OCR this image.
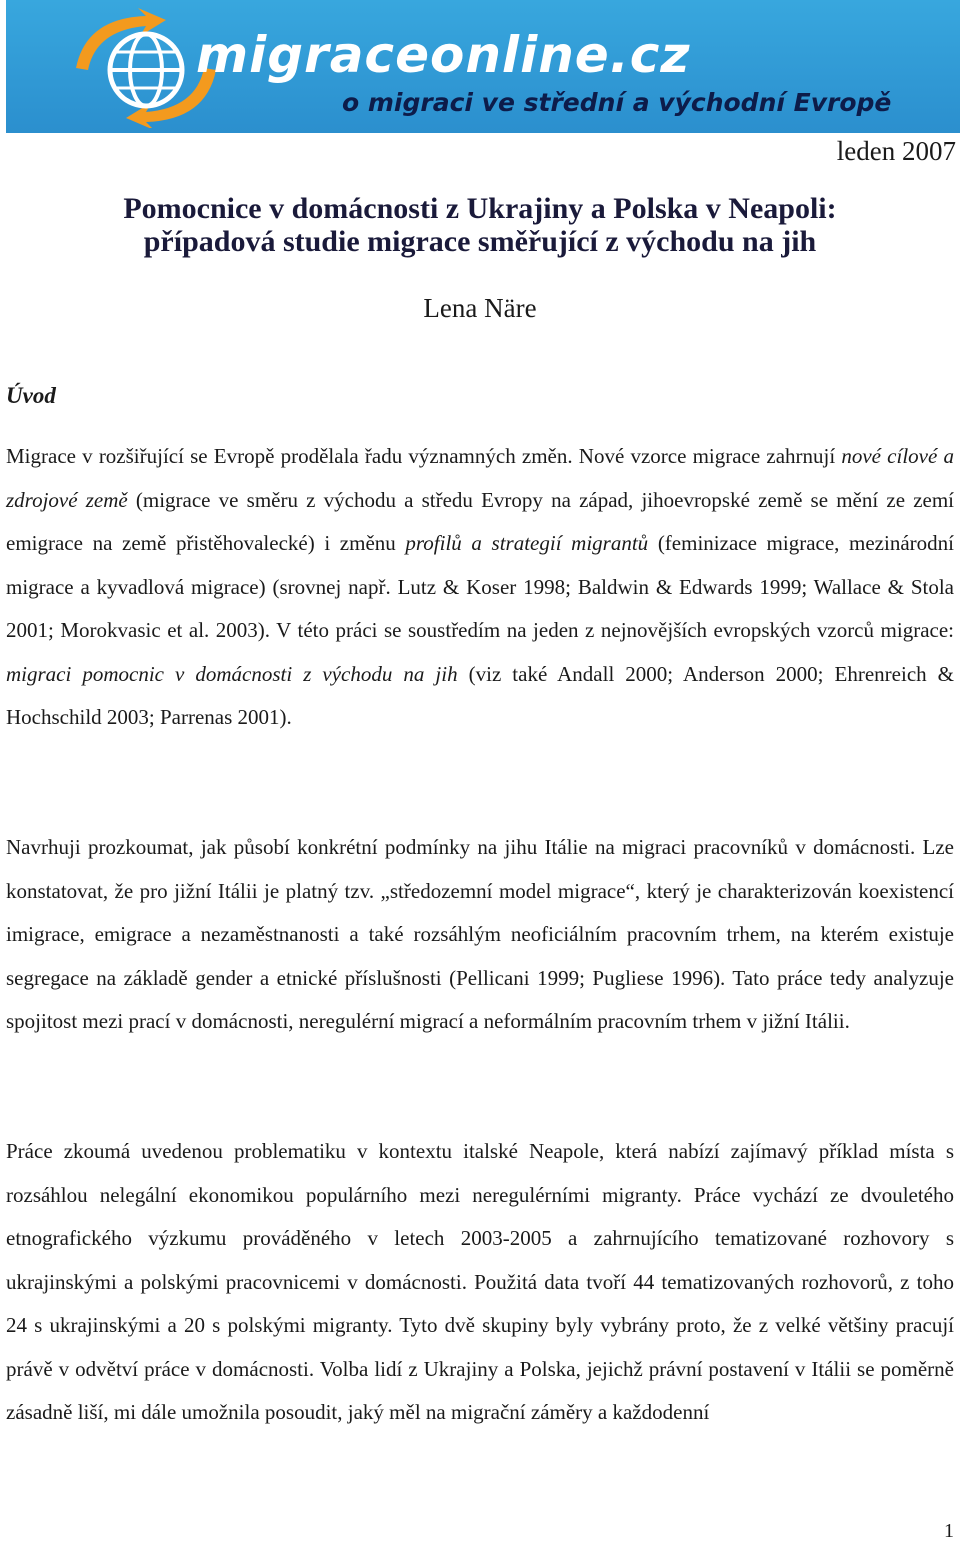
migraceonline.cz
o migraci ve střední a východní Evropě
leden 2007
Pomocnice v domácnosti z Ukrajiny a Polska v Neapoli:
případová studie migrace směřující z východu na jih
Lena Näre
Úvod

Migrace v rozšiřující se Evropě prodělala řadu významných změn. Nové vzorce migrace zahrnují nové cílové a zdrojové země (migrace ve směru z východu a středu Evropy na západ, jihoevropské země se mění ze zemí emigrace na země přistěhovalecké) i změnu profilů a strategií migrantů (feminizace migrace, mezinárodní migrace a kyvadlová migrace) (srovnej např. Lutz & Koser 1998; Baldwin & Edwards 1999; Wallace & Stola 2001; Morokvasic et al. 2003). V této práci se soustředím na jeden z nejnovějších evropských vzorců migrace: migraci pomocnic v domácnosti z východu na jih (viz také Andall 2000; Anderson 2000; Ehrenreich & Hochschild 2003; Parrenas 2001).

Navrhuji prozkoumat, jak působí konkrétní podmínky na jihu Itálie na migraci pracovníků v domácnosti. Lze konstatovat, že pro jižní Itálii je platný tzv. „středozemní model migrace“, který je charakterizován koexistencí imigrace, emigrace a nezaměstnanosti a také rozsáhlým neoficiálním pracovním trhem, na kterém existuje segregace na základě gender a etnické příslušnosti (Pellicani 1999; Pugliese 1996). Tato práce tedy analyzuje spojitost mezi prací v domácnosti, neregulérní migrací a neformálním pracovním trhem v jižní Itálii.

Práce zkoumá uvedenou problematiku v kontextu italské Neapole, která nabízí zajímavý příklad místa s rozsáhlou nelegální ekonomikou populárního mezi neregulérními migranty. Práce vychází ze dvouletého etnografického výzkumu prováděného v letech 2003-2005 a zahrnujícího tematizované rozhovory s ukrajinskými a polskými pracovnicemi v domácnosti. Použitá data tvoří 44 tematizovaných rozhovorů, z toho 24 s ukrajinskými a 20 s polskými migranty. Tyto dvě skupiny byly vybrány proto, že z velké většiny pracují právě v odvětví práce v domácnosti. Volba lidí z Ukrajiny a Polska, jejichž právní postavení v Itálii se poměrně zásadně liší, mi dále umožnila posoudit, jaký měl na migrační záměry a každodenní

1
